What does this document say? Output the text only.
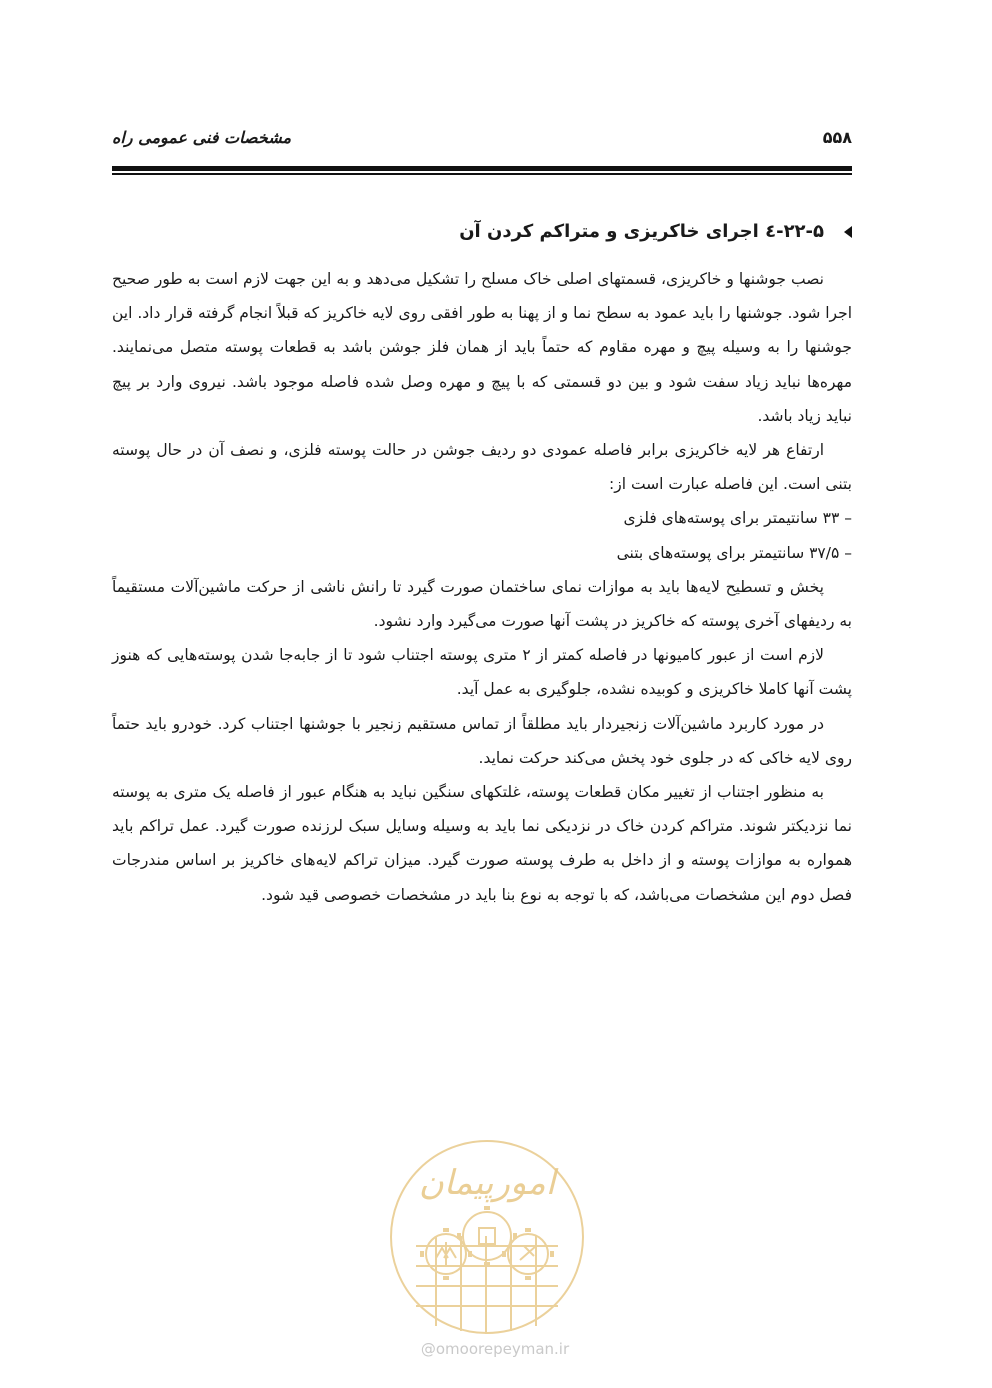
۵۵۸
مشخصات فنی عمومی راه
۲۲-۵-٤ اجرای خاکریزی و متراکم کردن آن

نصب جوشنها و خاکریزی، قسمتهای اصلی خاک مسلح را تشکیل می‌دهد و به این جهت لازم است به طور صحیح اجرا شود. جوشنها را باید عمود به سطح نما و از پهنا به طور افقی روی لایه خاکریز که قبلاً انجام گرفته قرار داد. این جوشنها را به وسیله پیچ و مهره مقاوم که حتماً باید از همان فلز جوشن باشد به قطعات پوسته متصل می‌نمایند. مهره‌ها نباید زیاد سفت شود و بین دو قسمتی که با پیچ و مهره وصل شده فاصله موجود باشد. نیروی وارد بر پیچ نباید زیاد باشد.

ارتفاع هر لایه خاکریزی برابر فاصله عمودی دو ردیف جوشن در حالت پوسته فلزی، و نصف آن در حال پوسته بتنی است. این فاصله عبارت است از:

– ۳۳ سانتیمتر برای پوسته‌های فلزی

– ۳۷/۵ سانتیمتر برای پوسته‌های بتنی

پخش و تسطیح لایه‌ها باید به موازات نمای ساختمان صورت گیرد تا رانش ناشی از حرکت ماشین‌آلات مستقیماً به ردیفهای آخری پوسته که خاکریز در پشت آنها صورت می‌گیرد وارد نشود.

لازم است از عبور کامیونها در فاصله کمتر از ۲ متری پوسته اجتناب شود تا از جابه‌جا شدن پوسته‌هایی که هنوز پشت آنها کاملا خاکریزی و کوبیده نشده، جلوگیری به عمل آید.

در مورد کاربرد ماشین‌آلات زنجیردار باید مطلقاً از تماس مستقیم زنجیر با جوشنها اجتناب کرد. خودرو باید حتماً روی لایه خاکی که در جلوی خود پخش می‌کند حرکت نماید.

به منظور اجتناب از تغییر مکان قطعات پوسته، غلتکهای سنگین نباید به هنگام عبور از فاصله یک متری به پوسته نما نزدیکتر شوند. متراکم کردن خاک در نزدیکی نما باید به وسیله وسایل سبک لرزنده صورت گیرد. عمل تراکم باید همواره به موازات پوسته و از داخل به طرف پوسته صورت گیرد. میزان تراکم لایه‌های خاکریز بر اساس مندرجات فصل دوم این مشخصات می‌باشد، که با توجه به نوع بنا باید در مشخصات خصوصی قید شود.

امورپیمان
@omoorepeyman.ir
